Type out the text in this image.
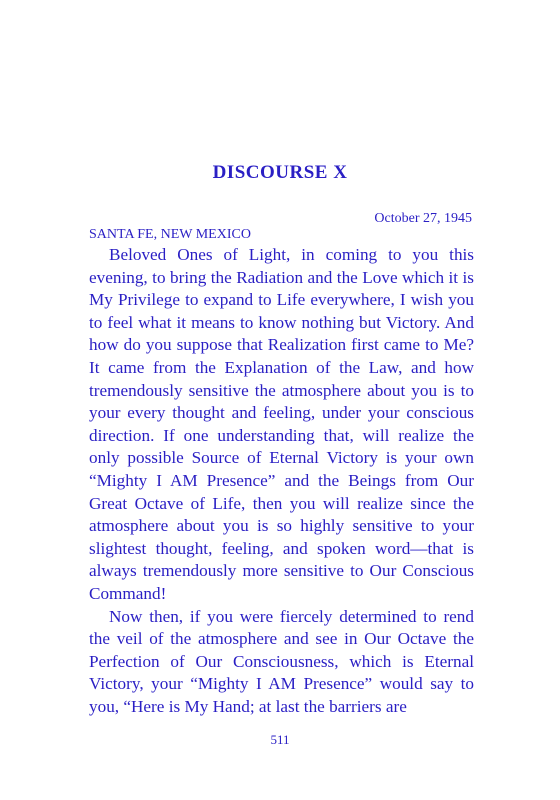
DISCOURSE X
October 27, 1945
SANTA FE, NEW MEXICO

Beloved Ones of Light, in coming to you this evening, to bring the Radiation and the Love which it is My Privilege to expand to Life everywhere, I wish you to feel what it means to know nothing but Victory. And how do you suppose that Realization first came to Me? It came from the Explanation of the Law, and how tremendously sensitive the atmosphere about you is to your every thought and feeling, under your conscious direction. If one understanding that, will realize the only possible Source of Eternal Victory is your own “Mighty I AM Presence” and the Beings from Our Great Octave of Life, then you will realize since the atmosphere about you is so highly sensitive to your slightest thought, feeling, and spoken word—that is always tremendously more sensitive to Our Conscious Command!

Now then, if you were fiercely determined to rend the veil of the atmosphere and see in Our Octave the Perfection of Our Consciousness, which is Eternal Victory, your “Mighty I AM Presence” would say to you, “Here is My Hand; at last the barriers are

511
